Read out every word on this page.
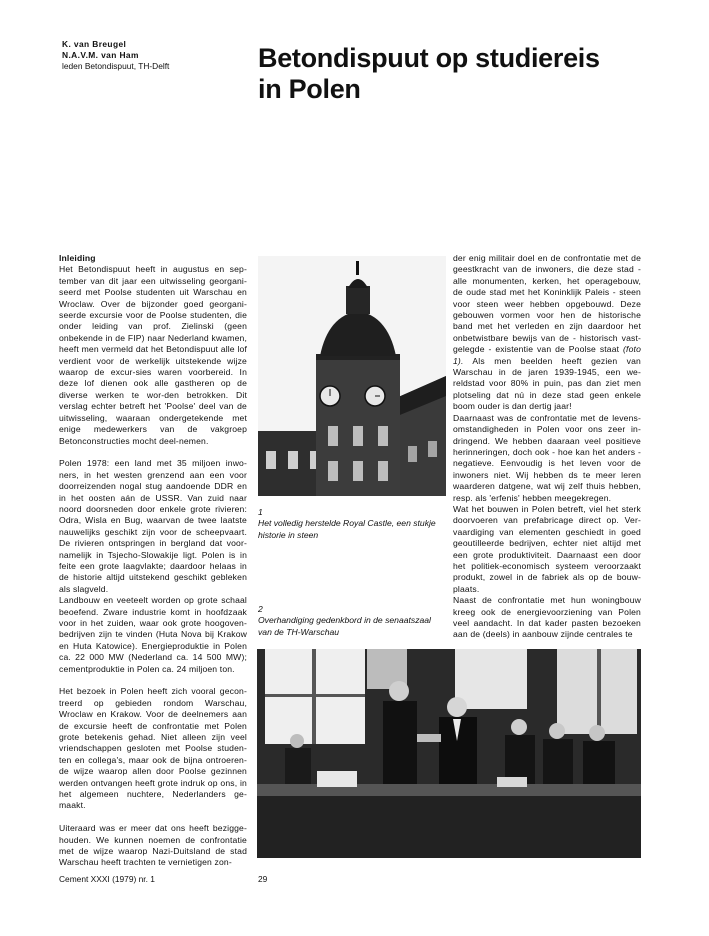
K. van Breugel
N.A.V.M. van Ham
leden Betondispuut, TH-Delft	Betondispuut op studiereis
in Polen

Inleiding

Het Betondispuut heeft in augustus en sep-tember van dit jaar een uitwisseling georgani-seerd met Poolse studenten uit Warschau en Wroclaw. Over de bijzonder goed georgani-seerde excursie voor de Poolse studenten, die onder leiding van prof. Zielinski (geen onbekende in de FIP) naar Nederland kwamen, heeft men vermeld dat het Betondispuut alle lof verdient voor de werkelijk uitstekende wijze waarop de excur-sies waren voorbereid. In deze lof dienen ook alle gastheren op de diverse werken te wor-den betrokken. Dit verslag echter betreft het 'Poolse' deel van de uitwisseling, waaraan ondergetekende met enige medewerkers van de vakgroep Betonconstructies mocht deel-nemen.

Polen 1978: een land met 35 miljoen inwo-ners, in het westen grenzend aan een voor doorreizenden nogal stug aandoende DDR en in het oosten aán de USSR. Van zuid naar noord doorsneden door enkele grote rivieren: Odra, Wisla en Bug, waarvan de twee laatste nauwelijks geschikt zijn voor de scheepvaart. De rivieren ontspringen in bergland dat voor-namelijk in Tsjecho-Slowakije ligt. Polen is in feite een grote laagvlakte; daardoor helaas in de historie altijd uitstekend geschikt gebleken als slagveld.

Landbouw en veeteelt worden op grote schaal beoefend. Zware industrie komt in hoofdzaak voor in het zuiden, waar ook grote hoogoven-bedrijven zijn te vinden (Huta Nova bij Krakow en Huta Katowice). Energieproduktie in Polen ca. 22 000 MW (Nederland ca. 14 500 MW); cementproduktie in Polen ca. 24 miljoen ton.

Het bezoek in Polen heeft zich vooral gecon-treerd op gebieden rondom Warschau, Wroclaw en Krakow. Voor de deelnemers aan de excursie heeft de confrontatie met Polen grote betekenis gehad. Niet alleen zijn veel vriendschappen gesloten met Poolse studen-ten en collega's, maar ook de bijna ontroeren-de wijze waarop allen door Poolse gezinnen werden ontvangen heeft grote indruk op ons, in het algemeen nuchtere, Nederlanders ge-maakt.

Uiteraard was er meer dat ons heeft bezigge-houden. We kunnen noemen de confrontatie met de wijze waarop Nazi-Duitsland de stad Warschau heeft trachten te vernietigen zon-

1
Het volledig herstelde Royal Castle, een stukje historie in steen
2
Overhandiging gedenkbord in de senaatszaal van de TH-Warschau

der enig militair doel en de confrontatie met de geestkracht van de inwoners, die deze stad - alle monumenten, kerken, het operagebouw, de oude stad met het Koninklijk Paleis - steen voor steen weer hebben opgebouwd. Deze gebouwen vormen voor hen de historische band met het verleden en zijn daardoor het onbetwistbare bewijs van de - historisch vast-gelegde - existentie van de Poolse staat (foto 1). Als men beelden heeft gezien van Warschau in de jaren 1939-1945, een we-reldstad voor 80% in puin, pas dan ziet men plotseling dat nú in deze stad geen enkele boom ouder is dan dertig jaar!

Daarnaast was de confrontatie met de levens-omstandigheden in Polen voor ons zeer in-dringend. We hebben daaraan veel positieve herinneringen, doch ook - hoe kan het anders - negatieve. Eenvoudig is het leven voor de inwoners niet. Wij hebben ds te meer leren waarderen datgene, wat wij zelf thuis hebben, resp. als 'erfenis' hebben meegekregen.

Wat het bouwen in Polen betreft, viel het sterk doorvoeren van prefabricage direct op. Ver-vaardiging van elementen geschiedt in goed geoutilleerde bedrijven, echter niet altijd met een grote produktiviteit. Daarnaast een door het politiek-economisch systeem veroorzaakt produkt, zowel in de fabriek als op de bouw-plaats.

Naast de confrontatie met hun woningbouw kreeg ook de energievoorziening van Polen veel aandacht. In dat kader pasten bezoeken aan de (deels) in aanbouw zijnde centrales te

Cement XXXI (1979) nr. 1	29
